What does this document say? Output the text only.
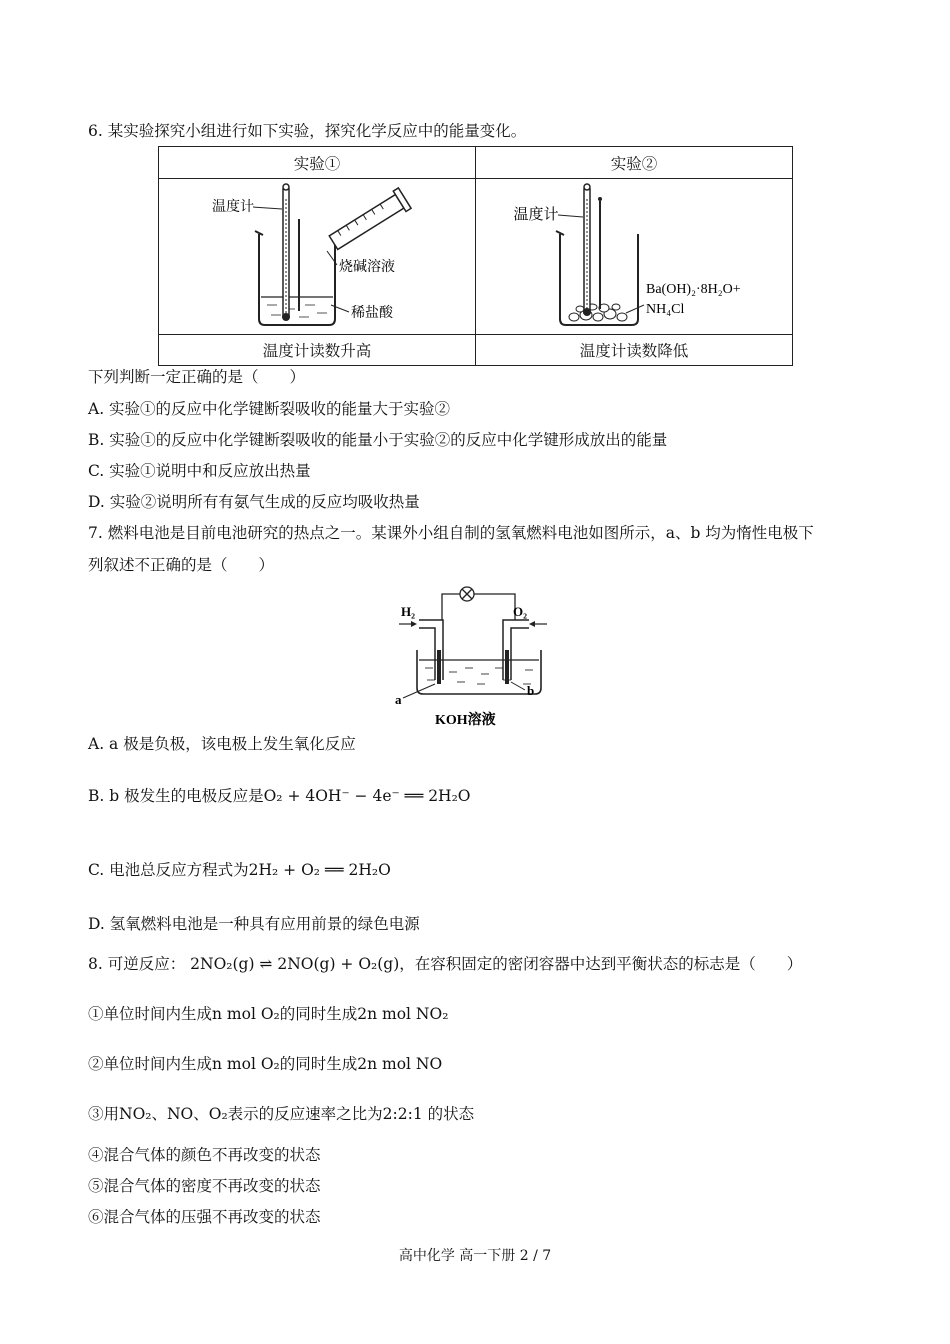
6. 某实验探究小组进行如下实验，探究化学反应中的能量变化。
实验①	实验②

温度计
烧碱溶液
稀盐酸	温度计
Ba(OH)₂·8H₂O+
NH₄Cl

温度计读数升高	温度计读数降低
下列判断一定正确的是（　　）
A. 实验①的反应中化学键断裂吸收的能量大于实验②
B. 实验①的反应中化学键断裂吸收的能量小于实验②的反应中化学键形成放出的能量
C. 实验①说明中和反应放出热量
D. 实验②说明所有有氨气生成的反应均吸收热量
7. 燃料电池是目前电池研究的热点之一。某课外小组自制的氢氧燃料电池如图所示，a、b 均为惰性电极下
列叙述不正确的是（　　）
H₂	O₂
a
b
KOH溶液
A. a 极是负极，该电极上发生氧化反应
B. b 极发生的电极反应是O₂ + 4OH⁻ − 4e⁻ ══ 2H₂O
C. 电池总反应方程式为2H₂ + O₂ ══ 2H₂O
D. 氢氧燃料电池是一种具有应用前景的绿色电源
8. 可逆反应： 2NO₂(g) ⇌ 2NO(g) + O₂(g)，在容积固定的密闭容器中达到平衡状态的标志是（　　）
①单位时间内生成n mol O₂的同时生成2n mol NO₂
②单位时间内生成n mol O₂的同时生成2n mol NO
③用NO₂、NO、O₂表示的反应速率之比为2:2:1 的状态
④混合气体的颜色不再改变的状态
⑤混合气体的密度不再改变的状态
⑥混合气体的压强不再改变的状态
高中化学 高一下册 2 / 7
